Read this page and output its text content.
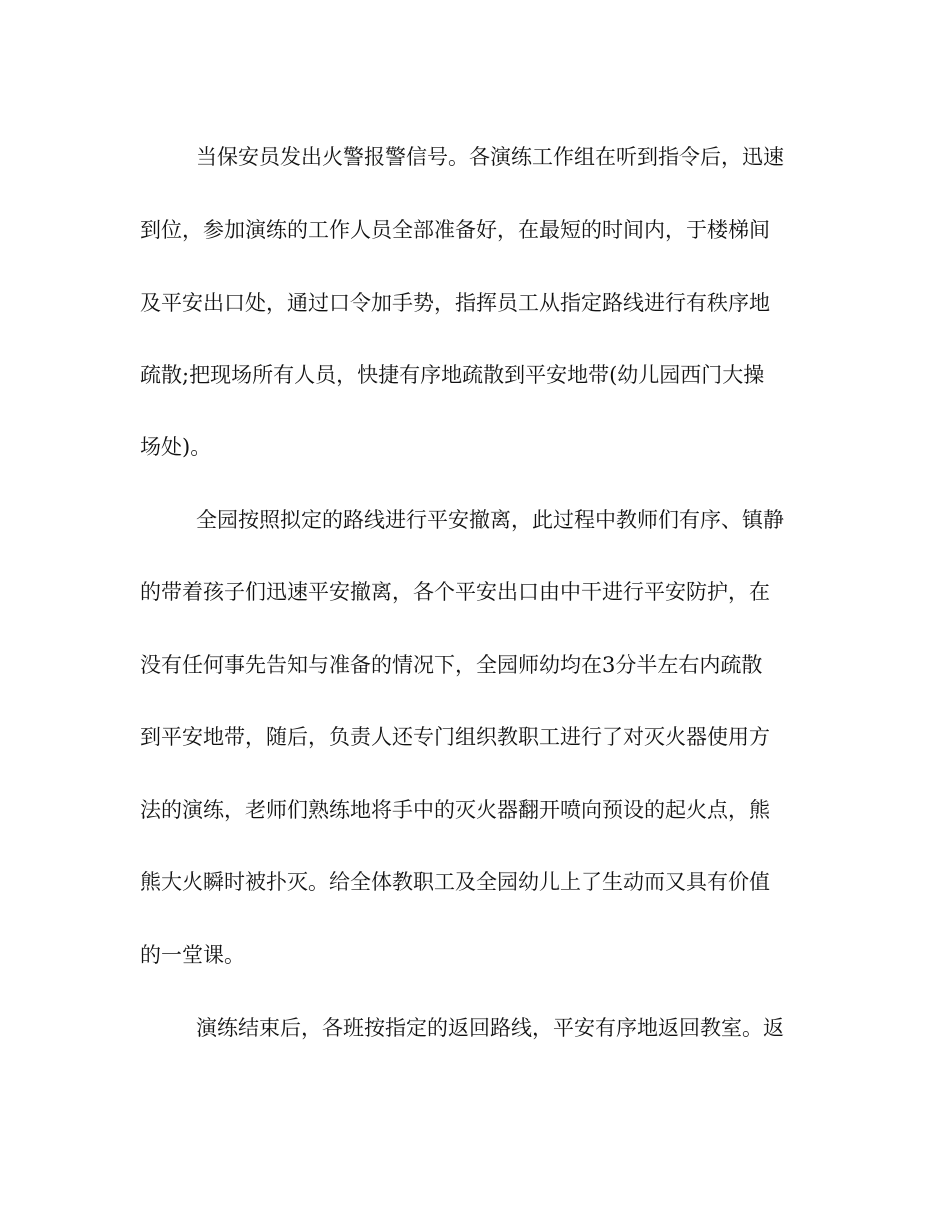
当保安员发出火警报警信号。各演练工作组在听到指令后，迅速
到位，参加演练的工作人员全部准备好，在最短的时间内，于楼梯间
及平安出口处，通过口令加手势，指挥员工从指定路线进行有秩序地
疏散;把现场所有人员，快捷有序地疏散到平安地带(幼儿园西门大操
场处)。
全园按照拟定的路线进行平安撤离，此过程中教师们有序、镇静
的带着孩子们迅速平安撤离，各个平安出口由中干进行平安防护，在
没有任何事先告知与准备的情况下，全园师幼均在3分半左右内疏散
到平安地带，随后，负责人还专门组织教职工进行了对灭火器使用方
法的演练，老师们熟练地将手中的灭火器翻开喷向预设的起火点，熊
熊大火瞬时被扑灭。给全体教职工及全园幼儿上了生动而又具有价值
的一堂课。
演练结束后，各班按指定的返回路线，平安有序地返回教室。返
